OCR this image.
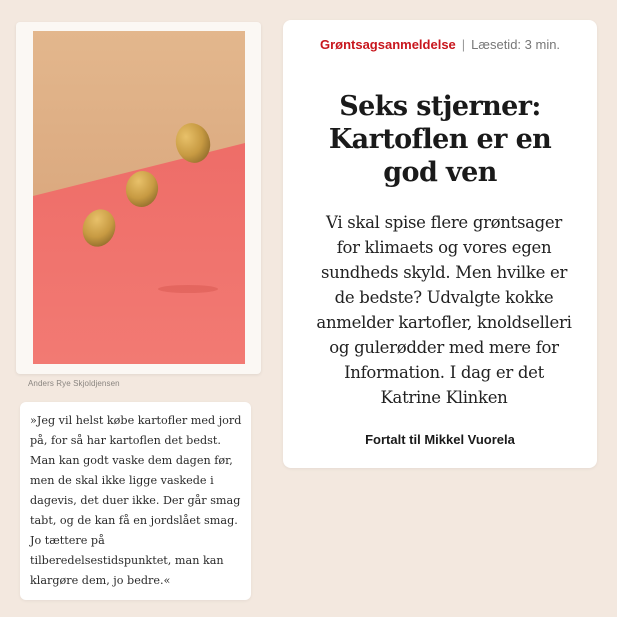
Anders Rye Skjoldjensen

»Jeg vil helst købe kartofler med jord på, for så har kartoflen det bedst. Man kan godt vaske dem dagen før, men de skal ikke ligge vaskede i dagevis, det duer ikke. Der går smag tabt, og de kan få en jordslået smag. Jo tættere på tilberedelsestidspunktet, man kan klargøre dem, jo bedre.«

Grøntsagsanmeldelse | Læsetid: 3 min.
Seks stjerner: Kartoflen er en god ven

Vi skal spise flere grøntsager for klimaets og vores egen sundheds skyld. Men hvilke er de bedste? Udvalgte kokke anmelder kartofler, knoldselleri og gulerødder med mere for Information. I dag er det Katrine Klinken

Fortalt til Mikkel Vuorela
